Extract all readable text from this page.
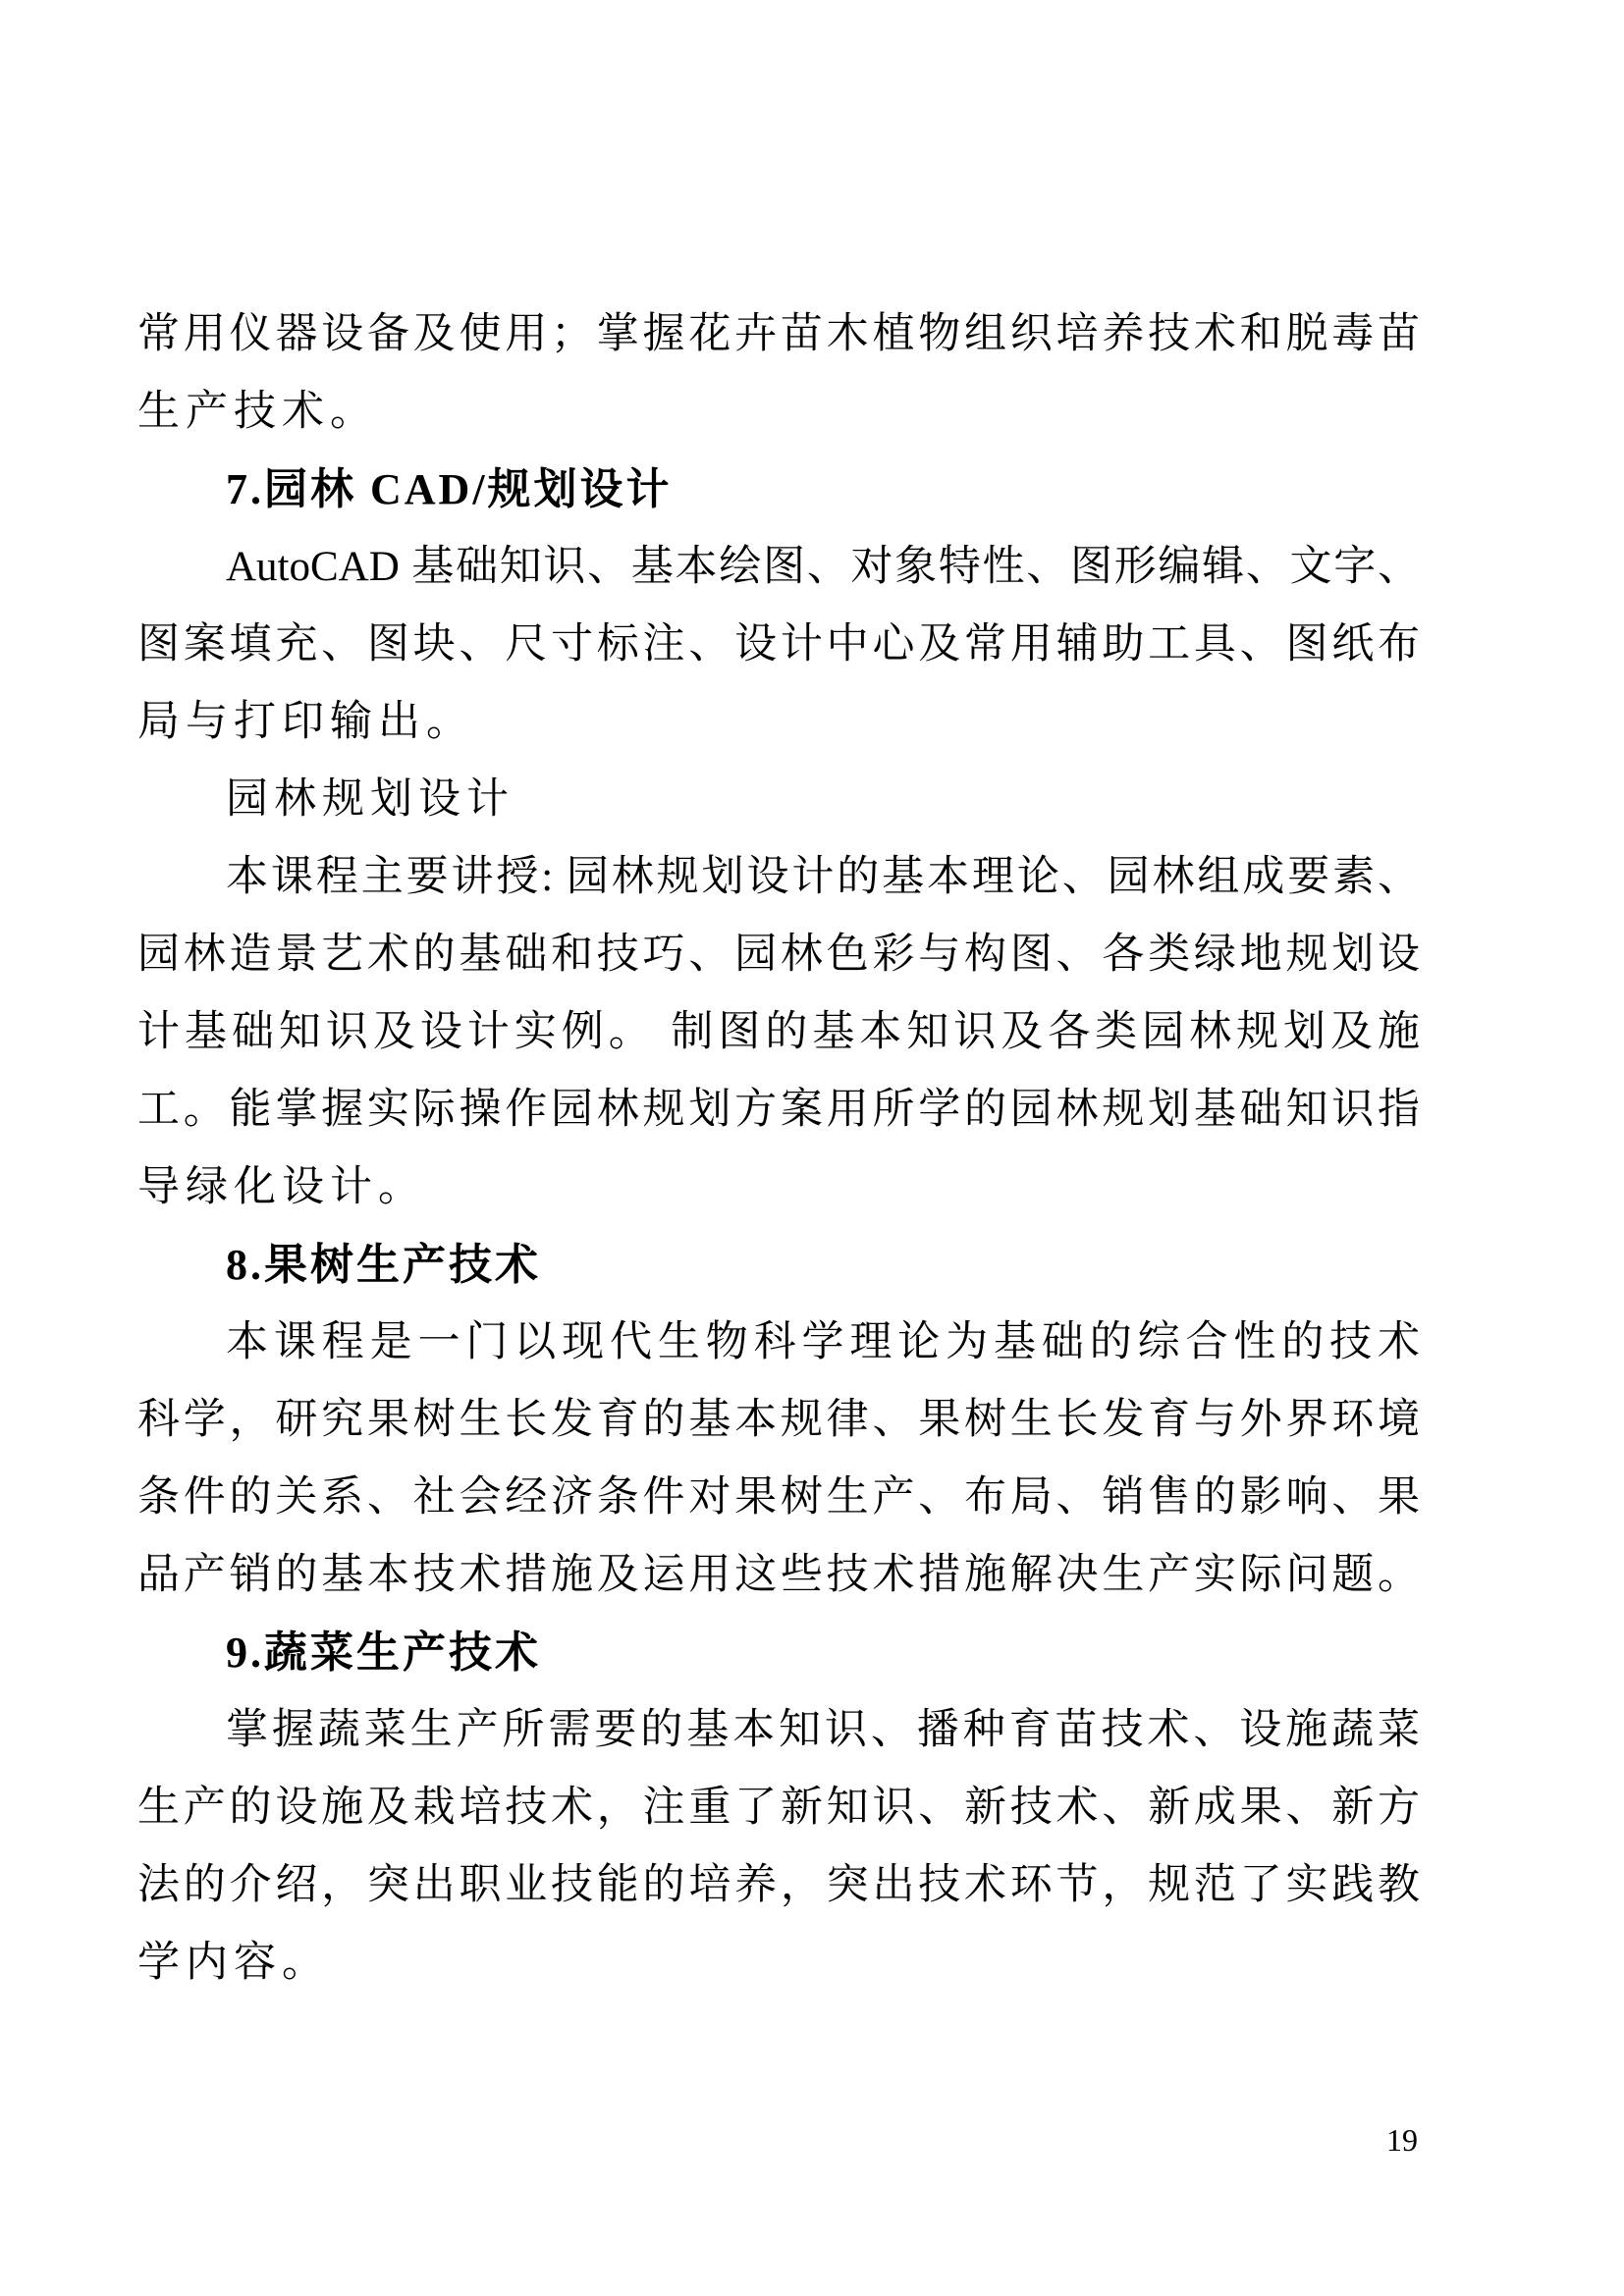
常用仪器设备及使用；掌握花卉苗木植物组织培养技术和脱毒苗
生产技术。
7.园林 CAD/规划设计
AutoCAD 基础知识、基本绘图、对象特性、图形编辑、文字、
图案填充、图块、尺寸标注、设计中心及常用辅助工具、图纸布
局与打印输出。
园林规划设计
本课程主要讲授: 园林规划设计的基本理论、园林组成要素、
园林造景艺术的基础和技巧、园林色彩与构图、各类绿地规划设
计基础知识及设计实例。 制图的基本知识及各类园林规划及施
工。能掌握实际操作园林规划方案用所学的园林规划基础知识指
导绿化设计。
8.果树生产技术
本课程是一门以现代生物科学理论为基础的综合性的技术
科学，研究果树生长发育的基本规律、果树生长发育与外界环境
条件的关系、社会经济条件对果树生产、布局、销售的影响、果
品产销的基本技术措施及运用这些技术措施解决生产实际问题。
9.蔬菜生产技术
掌握蔬菜生产所需要的基本知识、播种育苗技术、设施蔬菜
生产的设施及栽培技术，注重了新知识、新技术、新成果、新方
法的介绍，突出职业技能的培养，突出技术环节，规范了实践教
学内容。
19
